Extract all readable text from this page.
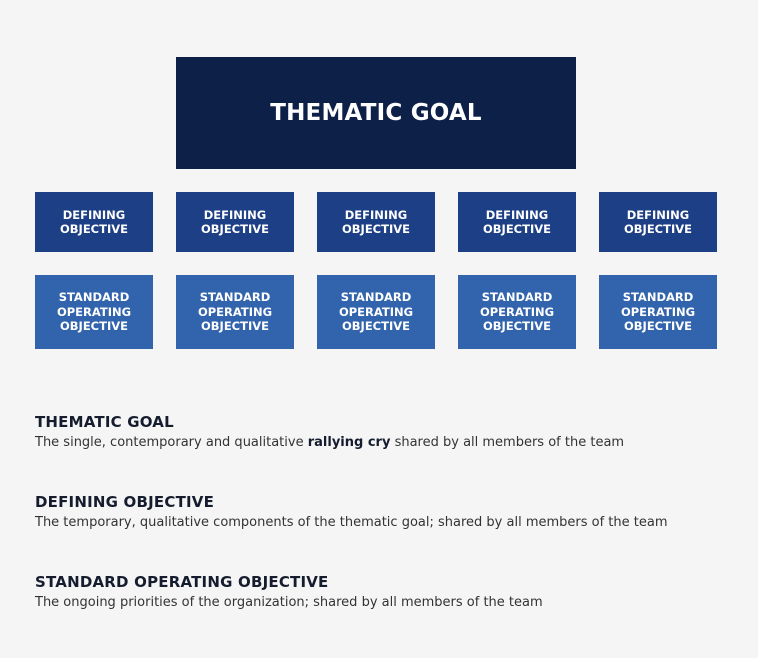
THEMATIC GOAL
DEFINING
OBJECTIVE
DEFINING
OBJECTIVE
DEFINING
OBJECTIVE
DEFINING
OBJECTIVE
DEFINING
OBJECTIVE
STANDARD
OPERATING
OBJECTIVE
STANDARD
OPERATING
OBJECTIVE
STANDARD
OPERATING
OBJECTIVE
STANDARD
OPERATING
OBJECTIVE
STANDARD
OPERATING
OBJECTIVE
THEMATIC GOAL
The single, contemporary and qualitative rallying cry shared by all members of the team
DEFINING OBJECTIVE
The temporary, qualitative components of the thematic goal; shared by all members of the team
STANDARD OPERATING OBJECTIVE
The ongoing priorities of the organization; shared by all members of the team
